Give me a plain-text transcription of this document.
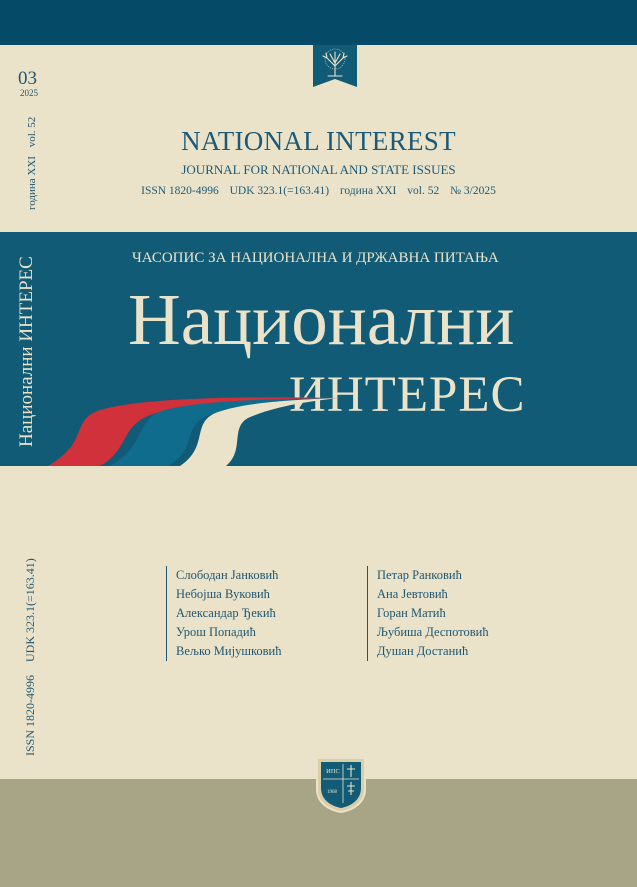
03
2025
година XXI vol. 52
Национални ИНТЕРЕС
ISSN 1820-4996 UDK 323.1(=163.41)
NATIONAL INTEREST
JOURNAL FOR NATIONAL AND STATE ISSUES
ISSN 1820-4996 UDK 323.1(=163.41) година XXI vol. 52 № 3/2025
ЧАСОПИС ЗА НАЦИОНАЛНА И ДРЖАВНА ПИТАЊА
Национални
ИНТЕРЕС
Слободан Јанковић
Небојша Вуковић
Александар Ђекић
Урош Попадић
Вељко Мијушковић
Петар Ранковић
Ана Јевтовић
Горан Матић
Љубиша Деспотовић
Душан Достанић
ИПС
1968
